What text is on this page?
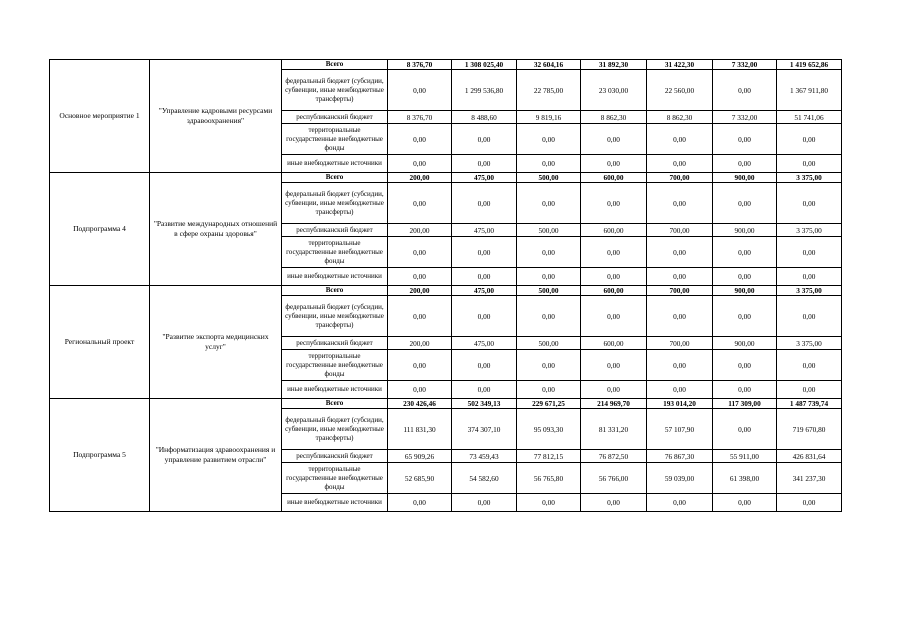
Основное мероприятие 1	"Управление кадровыми ресурсами здравоохранения"	Всего	8 376,70	1 308 025,40	32 604,16	31 892,30	31 422,30	7 332,00	1 419 652,86
		федеральный бюджет (субсидии, субвенции, иные межбюджетные трансферты)	0,00	1 299 536,80	22 785,00	23 030,00	22 560,00	0,00	1 367 911,80
		республиканский бюджет	8 376,70	8 488,60	9 819,16	8 862,30	8 862,30	7 332,00	51 741,06
		территориальные государственные внебюджетные фонды	0,00	0,00	0,00	0,00	0,00	0,00	0,00
		иные внебюджетные источники	0,00	0,00	0,00	0,00	0,00	0,00	0,00
Подпрограмма 4	"Развитие международных отношений в сфере охраны здоровья"	Всего	200,00	475,00	500,00	600,00	700,00	900,00	3 375,00
		федеральный бюджет (субсидии, субвенции, иные межбюджетные трансферты)	0,00	0,00	0,00	0,00	0,00	0,00	0,00
		республиканский бюджет	200,00	475,00	500,00	600,00	700,00	900,00	3 375,00
		территориальные государственные внебюджетные фонды	0,00	0,00	0,00	0,00	0,00	0,00	0,00
		иные внебюджетные источники	0,00	0,00	0,00	0,00	0,00	0,00	0,00
Региональный проект	"Развитие экспорта медицинских услуг"	Всего	200,00	475,00	500,00	600,00	700,00	900,00	3 375,00
		федеральный бюджет (субсидии, субвенции, иные межбюджетные трансферты)	0,00	0,00	0,00	0,00	0,00	0,00	0,00
		республиканский бюджет	200,00	475,00	500,00	600,00	700,00	900,00	3 375,00
		территориальные государственные внебюджетные фонды	0,00	0,00	0,00	0,00	0,00	0,00	0,00
		иные внебюджетные источники	0,00	0,00	0,00	0,00	0,00	0,00	0,00
Подпрограмма 5	"Информатизация здравоохранения и управление развитием отрасли"	Всего	230 426,46	502 349,13	229 671,25	214 969,70	193 014,20	117 309,00	1 487 739,74
		федеральный бюджет (субсидии, субвенции, иные межбюджетные трансферты)	111 831,30	374 307,10	95 093,30	81 331,20	57 107,90	0,00	719 670,80
		республиканский бюджет	65 909,26	73 459,43	77 812,15	76 872,50	76 867,30	55 911,00	426 831,64
		территориальные государственные внебюджетные фонды	52 685,90	54 582,60	56 765,80	56 766,00	59 039,00	61 398,00	341 237,30
		иные внебюджетные источники	0,00	0,00	0,00	0,00	0,00	0,00	0,00
